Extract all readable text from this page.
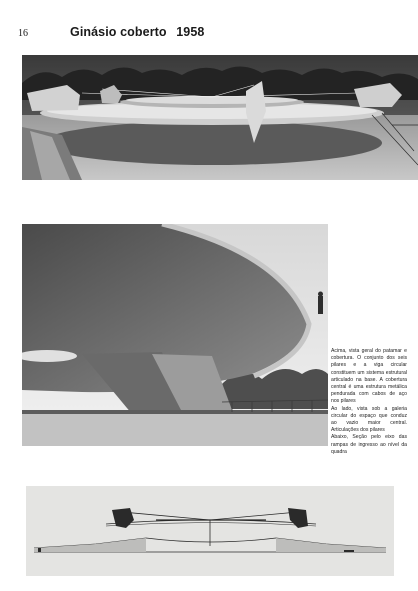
16	Ginásio coberto 1958

Acima, vista geral do patamar e cobertura. O conjunto dos seis pilares e a viga circular constituem um sistema estrutural articulado na base. A cobertura central é uma estrutura metálica pendurada com cabos de aço nos pilares

Ao lado, vista sob a galeria circular do espaço que conduz ao vazio maior central. Articulações dos pilares

Abaixo, Seção pelo eixo das rampas de ingresso ao nível da quadra
